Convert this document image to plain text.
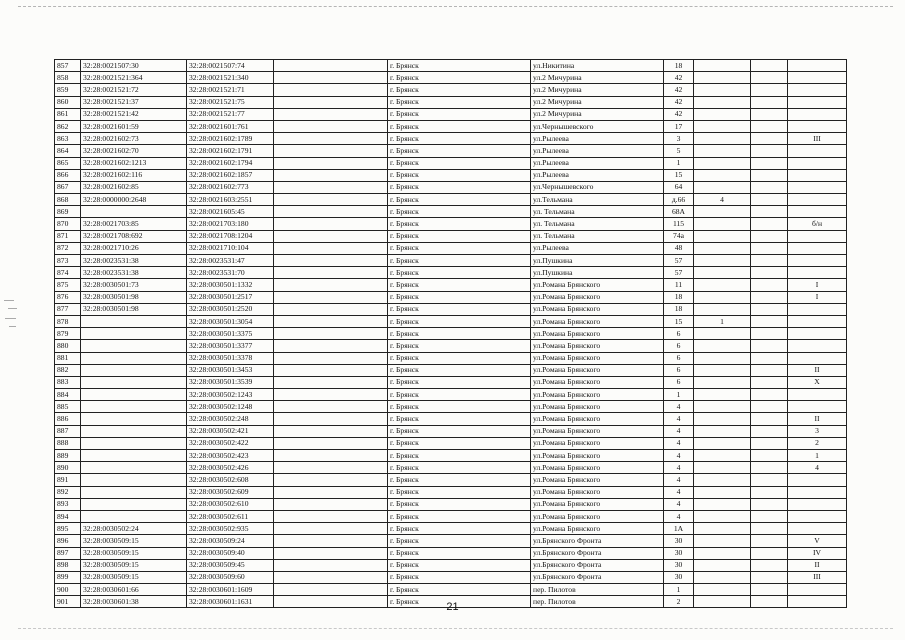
857	32:28:0021507:30	32:28:0021507:74		г. Брянск	ул.Никитина	18			
858	32:28:0021521:364	32:28:0021521:340		г. Брянск	ул.2 Мичурина	42			
859	32:28:0021521:72	32:28:0021521:71		г. Брянск	ул.2 Мичурина	42			
860	32:28:0021521:37	32:28:0021521:75		г. Брянск	ул.2 Мичурина	42			
861	32:28:0021521:42	32:28:0021521:77		г. Брянск	ул.2 Мичурина	42			
862	32:28:0021601:59	32:28:0021601:761		г. Брянск	ул.Чернышевского	17			
863	32:28:0021602:73	32:28:0021602:1789		г. Брянск	ул.Рылеева	3			III
864	32:28:0021602:70	32:28:0021602:1791		г. Брянск	ул.Рылеева	5			
865	32:28:0021602:1213	32:28:0021602:1794		г. Брянск	ул.Рылеева	1			
866	32:28:0021602:116	32:28:0021602:1857		г. Брянск	ул.Рылеева	15			
867	32:28:0021602:85	32:28:0021602:773		г. Брянск	ул.Чернышевского	64			
868	32:28:0000000:2648	32:28:0021603:2551		г. Брянск	ул.Тельмана	д.66	4		
869		32:28:0021605:45		г. Брянск	ул. Тельмана	68А			
870	32:28:0021703:85	32:28:0021703:180		г. Брянск	ул. Тельмана	115			б/н
871	32:28:0021708:692	32:28:0021708:1204		г. Брянск	ул. Тельмана	74а			
872	32:28:0021710:26	32:28:0021710:104		г. Брянск	ул.Рылеева	48			
873	32:28:0023531:38	32:28:0023531:47		г. Брянск	ул.Пушкина	57			
874	32:28:0023531:38	32:28:0023531:70		г. Брянск	ул.Пушкина	57			
875	32:28:0030501:73	32:28:0030501:1332		г. Брянск	ул.Романа Брянского	11			I
876	32:28:0030501:98	32:28:0030501:2517		г. Брянск	ул.Романа Брянского	18			I
877	32:28:0030501:98	32:28:0030501:2520		г. Брянск	ул.Романа Брянского	18			
878		32:28:0030501:3054		г. Брянск	ул.Романа Брянского	15	1		
879		32:28:0030501:3375		г. Брянск	ул.Романа Брянского	6			
880		32:28:0030501:3377		г. Брянск	ул.Романа Брянского	6			
881		32:28:0030501:3378		г. Брянск	ул.Романа Брянского	6			
882		32:28:0030501:3453		г. Брянск	ул.Романа Брянского	6			II
883		32:28:0030501:3539		г. Брянск	ул.Романа Брянского	6			X
884		32:28:0030502:1243		г. Брянск	ул.Романа Брянского	1			
885		32:28:0030502:1248		г. Брянск	ул.Романа Брянского	4			
886		32:28:0030502:248		г. Брянск	ул.Романа Брянского	4			II
887		32:28:0030502:421		г. Брянск	ул.Романа Брянского	4			3
888		32:28:0030502:422		г. Брянск	ул.Романа Брянского	4			2
889		32:28:0030502:423		г. Брянск	ул.Романа Брянского	4			1
890		32:28:0030502:426		г. Брянск	ул.Романа Брянского	4			4
891		32:28:0030502:608		г. Брянск	ул.Романа Брянского	4			
892		32:28:0030502:609		г. Брянск	ул.Романа Брянского	4			
893		32:28:0030502:610		г. Брянск	ул.Романа Брянского	4			
894		32:28:0030502:611		г. Брянск	ул.Романа Брянского	4			
895	32:28:0030502:24	32:28:0030502:935		г. Брянск	ул.Романа Брянского	1А			
896	32:28:0030509:15	32:28:0030509:24		г. Брянск	ул.Брянского Фронта	30			V
897	32:28:0030509:15	32:28:0030509:40		г. Брянск	ул.Брянского Фронта	30			IV
898	32:28:0030509:15	32:28:0030509:45		г. Брянск	ул.Брянского Фронта	30			II
899	32:28:0030509:15	32:28:0030509:60		г. Брянск	ул.Брянского Фронта	30			III
900	32:28:0030601:66	32:28:0030601:1609		г. Брянск	пер. Пилотов	1			
901	32:28:0030601:38	32:28:0030601:1631		г. Брянск	пер. Пилотов	2			
21
